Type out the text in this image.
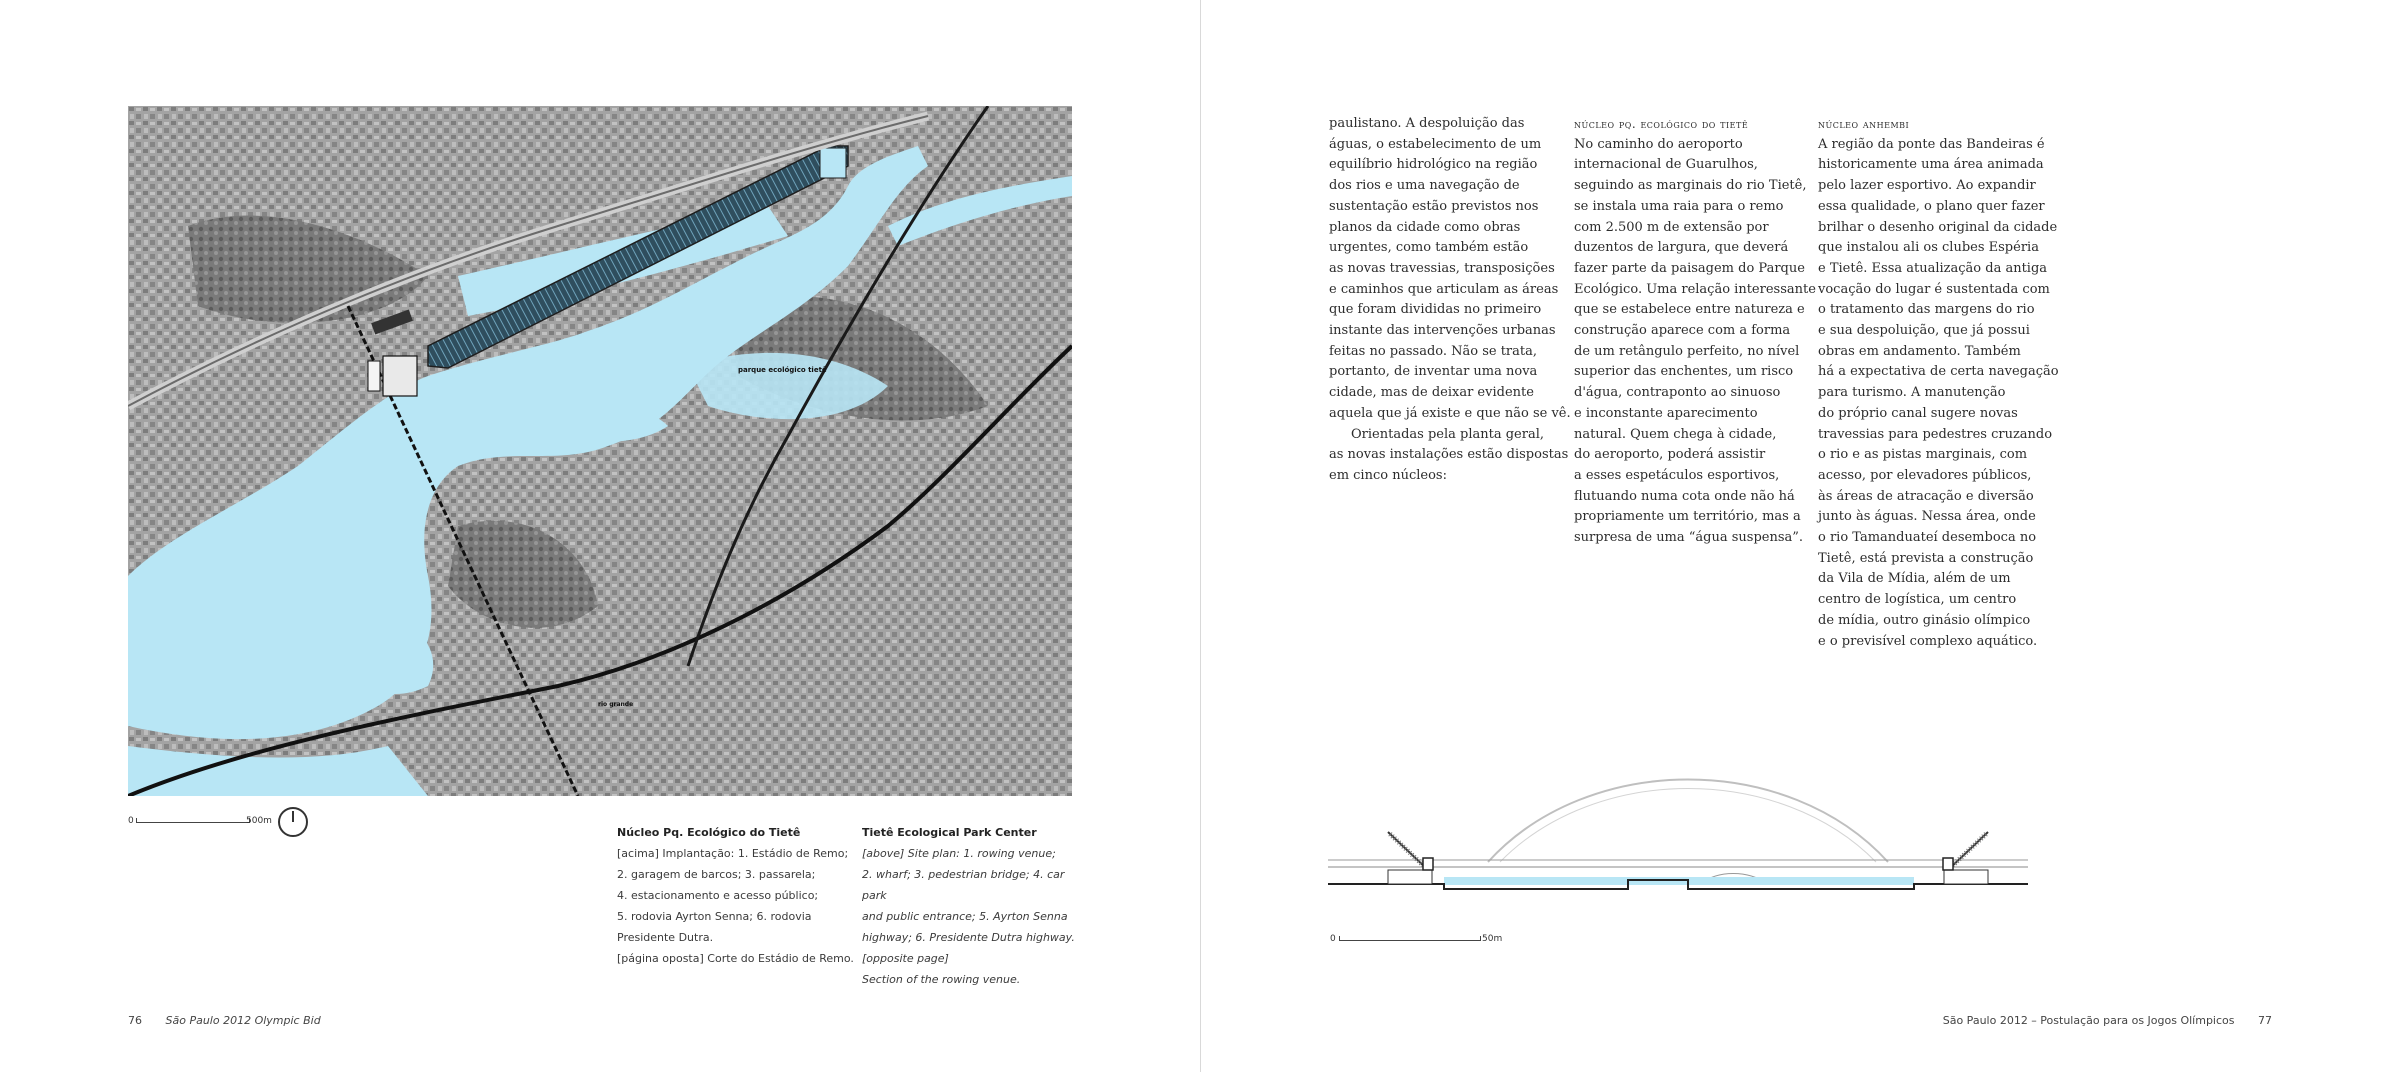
parque ecológico tietê
rio grande
0	500m
Núcleo Pq. Ecológico do Tietê
[acima] Implantação: 1. Estádio de Remo;
2. garagem de barcos; 3. passarela;
4. estacionamento e acesso público;
5. rodovia Ayrton Senna; 6. rodovia
Presidente Dutra.
[página oposta] Corte do Estádio de Remo.
Tietê Ecological Park Center
[above] Site plan: 1. rowing venue;
2. wharf; 3. pedestrian bridge; 4. car park
and public entrance; 5. Ayrton Senna
highway; 6. Presidente Dutra highway.
[opposite page]
Section of the rowing venue.
paulistano. A despoluição das
águas, o estabelecimento de um
equilíbrio hidrológico na região
dos rios e uma navegação de
sustentação estão previstos nos
planos da cidade como obras
urgentes, como também estão
as novas travessias, transposições
e caminhos que articulam as áreas
que foram divididas no primeiro
instante das intervenções urbanas
feitas no passado. Não se trata,
portanto, de inventar uma nova
cidade, mas de deixar evidente
aquela que já existe e que não se vê.
Orientadas pela planta geral,
as novas instalações estão dispostas
em cinco núcleos:
núcleo pq. ecológico do tietê
No caminho do aeroporto
internacional de Guarulhos,
seguindo as marginais do rio Tietê,
se instala uma raia para o remo
com 2.500 m de extensão por
duzentos de largura, que deverá
fazer parte da paisagem do Parque
Ecológico. Uma relação interessante
que se estabelece entre natureza e
construção aparece com a forma
de um retângulo perfeito, no nível
superior das enchentes, um risco
d'água, contraponto ao sinuoso
e inconstante aparecimento
natural. Quem chega à cidade,
do aeroporto, poderá assistir
a esses espetáculos esportivos,
flutuando numa cota onde não há
propriamente um território, mas a
surpresa de uma “água suspensa”.
núcleo anhembi
A região da ponte das Bandeiras é
historicamente uma área animada
pelo lazer esportivo. Ao expandir
essa qualidade, o plano quer fazer
brilhar o desenho original da cidade
que instalou ali os clubes Espéria
e Tietê. Essa atualização da antiga
vocação do lugar é sustentada com
o tratamento das margens do rio
e sua despoluição, que já possui
obras em andamento. Também
há a expectativa de certa navegação
para turismo. A manutenção
do próprio canal sugere novas
travessias para pedestres cruzando
o rio e as pistas marginais, com
acesso, por elevadores públicos,
às áreas de atracação e diversão
junto às águas. Nessa área, onde
o rio Tamanduateí desemboca no
Tietê, está prevista a construção
da Vila de Mídia, além de um
centro de logística, um centro
de mídia, outro ginásio olímpico
e o previsível complexo aquático.
0	50m
76 São Paulo 2012 Olympic Bid	São Paulo 2012 – Postulação para os Jogos Olímpicos 77
